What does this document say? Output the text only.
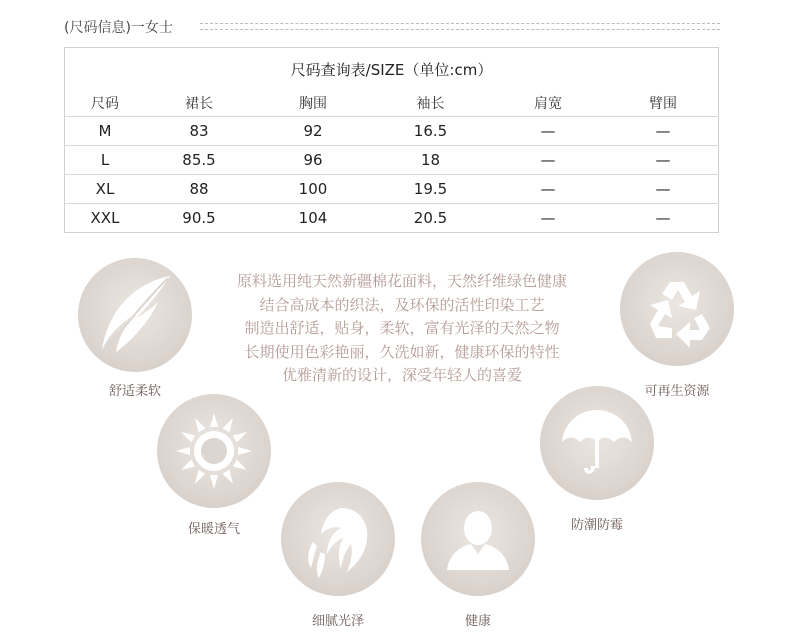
(尺码信息)一女士
尺码查询表/SIZE（单位:cm）					
尺码	裙长	胸围	袖长	肩宽	臂围
M	83	92	16.5	—	—
L	85.5	96	18	—	—
XL	88	100	19.5	—	—
XXL	90.5	104	20.5	—	—
原料选用纯天然新疆棉花面料，天然纤维绿色健康
结合高成本的织法，及环保的活性印染工艺
制造出舒适，贴身，柔软，富有光泽的天然之物
长期使用色彩艳丽，久洗如新，健康环保的特性
优雅清新的设计，深受年轻人的喜爱
舒适柔软	可再生资源
保暖透气	防潮防霉
细腻光泽	健康
